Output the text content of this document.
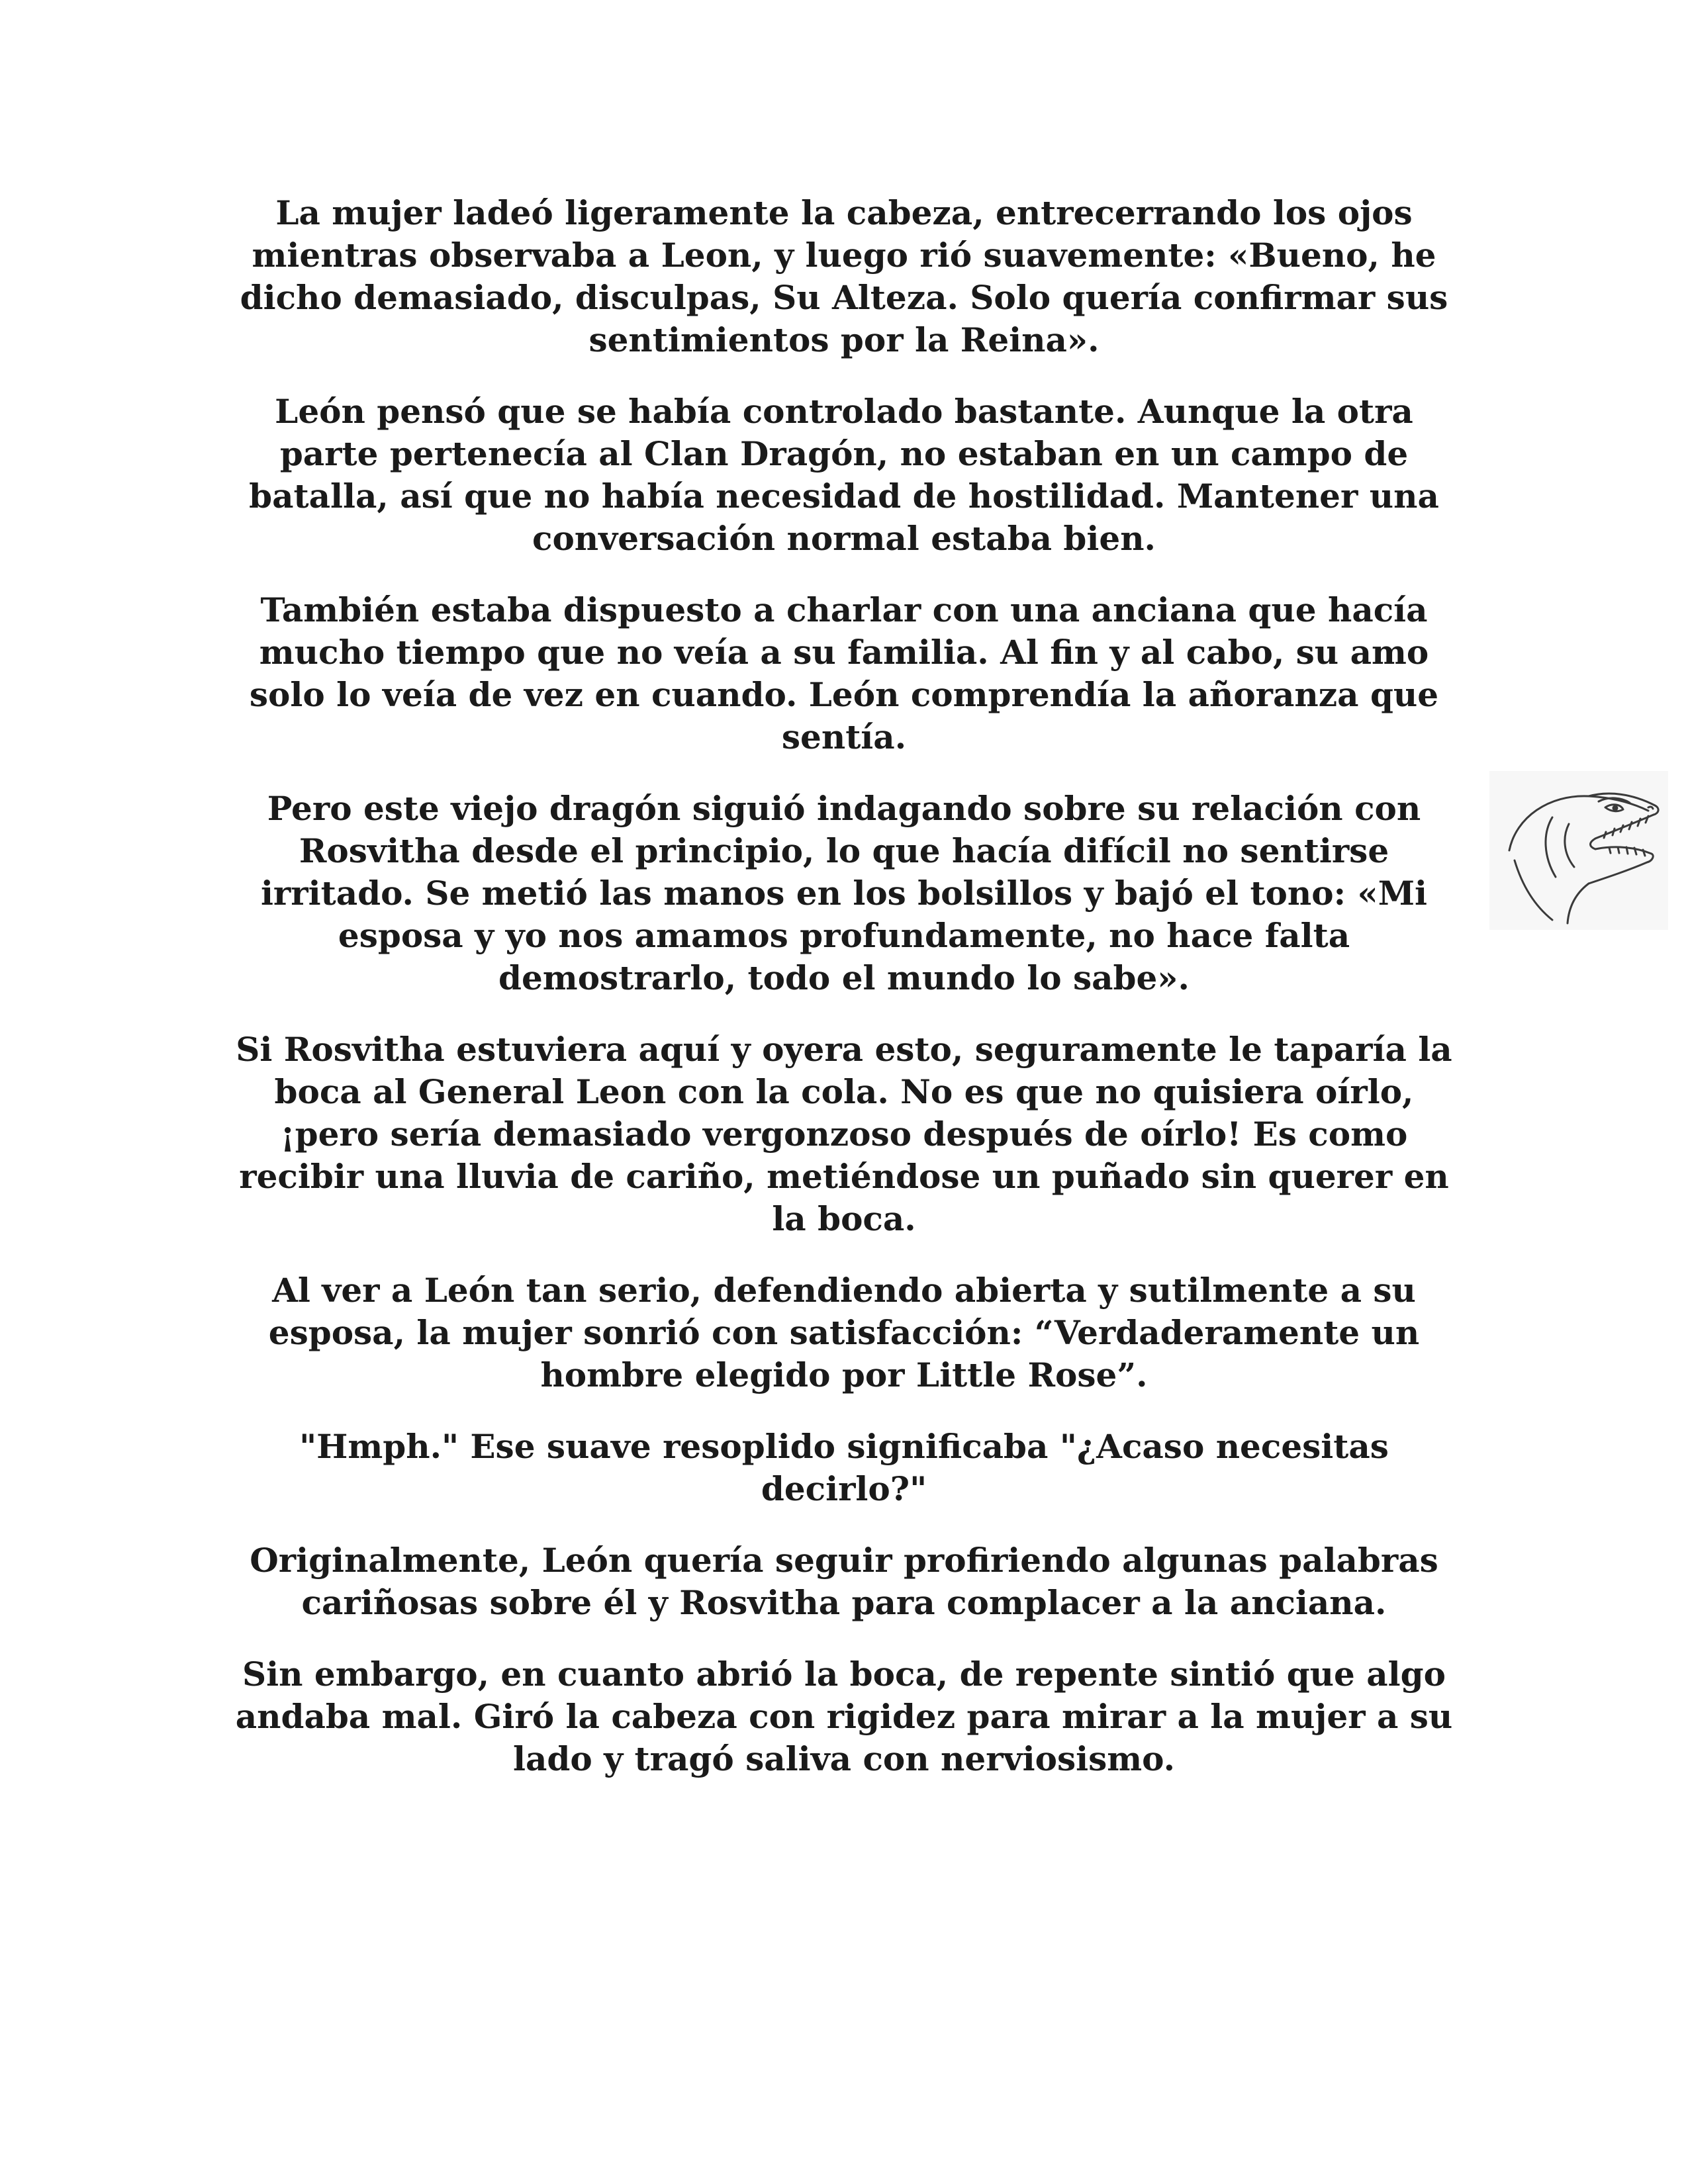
La mujer ladeó ligeramente la cabeza, entrecerrando los ojos mientras observaba a Leon, y luego rió suavemente: «Bueno, he dicho demasiado, disculpas, Su Alteza. Solo quería confirmar sus sentimientos por la Reina».

León pensó que se había controlado bastante. Aunque la otra parte pertenecía al Clan Dragón, no estaban en un campo de batalla, así que no había necesidad de hostilidad. Mantener una conversación normal estaba bien.

También estaba dispuesto a charlar con una anciana que hacía mucho tiempo que no veía a su familia. Al fin y al cabo, su amo solo lo veía de vez en cuando. León comprendía la añoranza que sentía.

Pero este viejo dragón siguió indagando sobre su relación con Rosvitha desde el principio, lo que hacía difícil no sentirse irritado. Se metió las manos en los bolsillos y bajó el tono: «Mi esposa y yo nos amamos profundamente, no hace falta demostrarlo, todo el mundo lo sabe».

Si Rosvitha estuviera aquí y oyera esto, seguramente le taparía la boca al General Leon con la cola. No es que no quisiera oírlo, ¡pero sería demasiado vergonzoso después de oírlo! Es como recibir una lluvia de cariño, metiéndose un puñado sin querer en la boca.

Al ver a León tan serio, defendiendo abierta y sutilmente a su esposa, la mujer sonrió con satisfacción: “Verdaderamente un hombre elegido por Little Rose”.

"Hmph." Ese suave resoplido significaba "¿Acaso necesitas decirlo?"

Originalmente, León quería seguir profiriendo algunas palabras cariñosas sobre él y Rosvitha para complacer a la anciana.

Sin embargo, en cuanto abrió la boca, de repente sintió que algo andaba mal. Giró la cabeza con rigidez para mirar a la mujer a su lado y tragó saliva con nerviosismo.
